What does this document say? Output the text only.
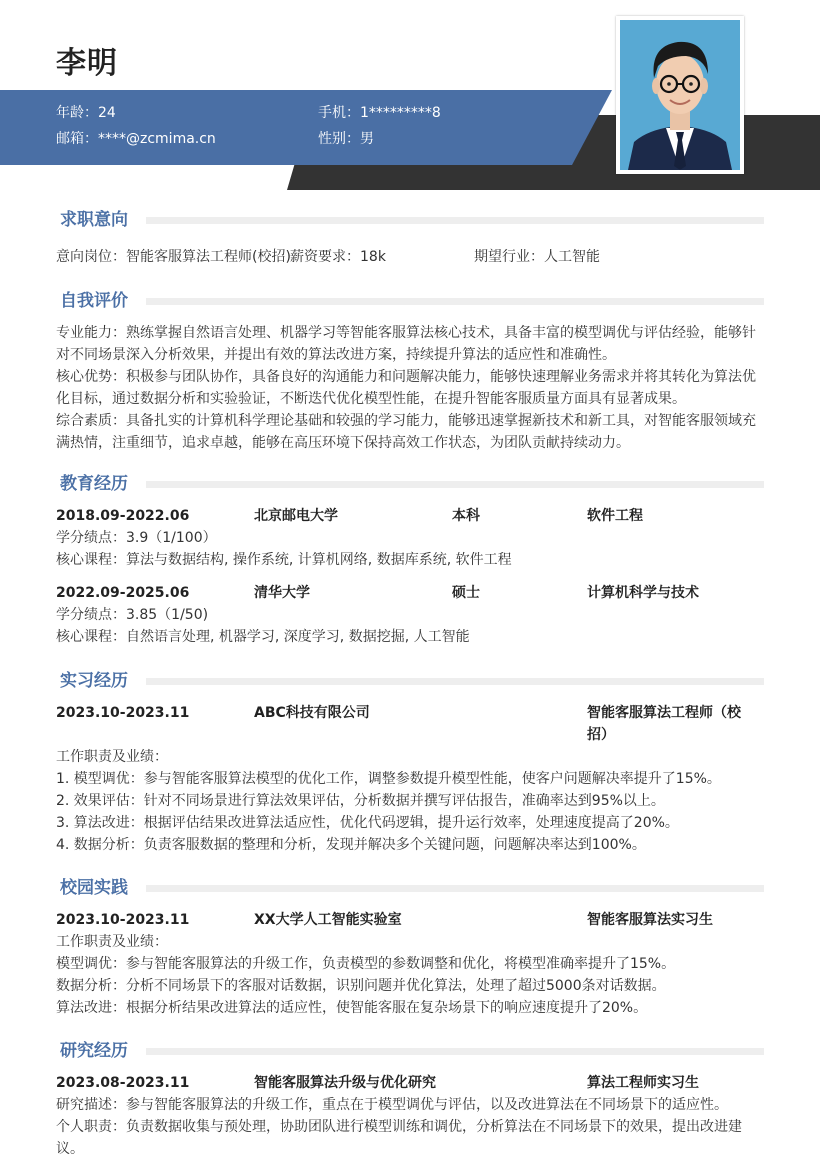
李明
年龄：24	手机：1*********8
邮箱：****@zcmima.cn	性别：男
求职意向
意向岗位：智能客服算法工程师(校招) 薪资要求：18k	期望行业：人工智能
自我评价

专业能力：熟练掌握自然语言处理、机器学习等智能客服算法核心技术，具备丰富的模型调优与评估经验，能够针对不同场景深入分析效果，并提出有效的算法改进方案，持续提升算法的适应性和准确性。

核心优势：积极参与团队协作，具备良好的沟通能力和问题解决能力，能够快速理解业务需求并将其转化为算法优化目标，通过数据分析和实验验证，不断迭代优化模型性能，在提升智能客服质量方面具有显著成果。

综合素质：具备扎实的计算机科学理论基础和较强的学习能力，能够迅速掌握新技术和新工具，对智能客服领域充满热情，注重细节，追求卓越，能够在高压环境下保持高效工作状态，为团队贡献持续动力。

教育经历
2018.09-2022.06	北京邮电大学	本科	软件工程
学分绩点：3.9（1/100）
核心课程：算法与数据结构, 操作系统, 计算机网络, 数据库系统, 软件工程
2022.09-2025.06	清华大学	硕士	计算机科学与技术
学分绩点：3.85（1/50)
核心课程：自然语言处理, 机器学习, 深度学习, 数据挖掘, 人工智能
实习经历
2023.10-2023.11	ABC科技有限公司	智能客服算法工程师（校
招）
工作职责及业绩：
1. 模型调优：参与智能客服算法模型的优化工作，调整参数提升模型性能，使客户问题解决率提升了15%。
2. 效果评估：针对不同场景进行算法效果评估，分析数据并撰写评估报告，准确率达到95%以上。
3. 算法改进：根据评估结果改进算法适应性，优化代码逻辑，提升运行效率，处理速度提高了20%。
4. 数据分析：负责客服数据的整理和分析，发现并解决多个关键问题，问题解决率达到100%。
校园实践
2023.10-2023.11	XX大学人工智能实验室	智能客服算法实习生
工作职责及业绩：
模型调优：参与智能客服算法的升级工作，负责模型的参数调整和优化，将模型准确率提升了15%。
数据分析：分析不同场景下的客服对话数据，识别问题并优化算法，处理了超过5000条对话数据。
算法改进：根据分析结果改进算法的适应性，使智能客服在复杂场景下的响应速度提升了20%。
研究经历
2023.08-2023.11	智能客服算法升级与优化研究	算法工程师实习生
研究描述：参与智能客服算法的升级工作，重点在于模型调优与评估，以及改进算法在不同场景下的适应性。
个人职责：负责数据收集与预处理，协助团队进行模型训练和调优，分析算法在不同场景下的效果，提出改进建议。
